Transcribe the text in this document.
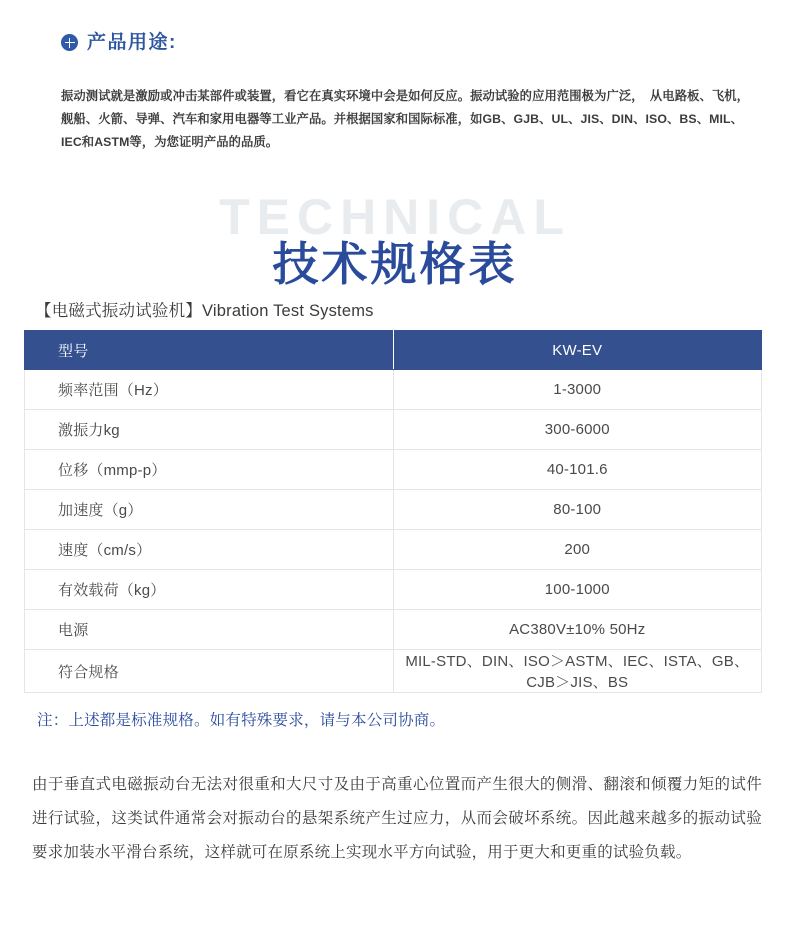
产品用途:

振动测试就是激励或冲击某部件或装置，看它在真实环境中会是如何反应。振动试验的应用范围极为广泛，　从电路板、飞机，舰船、火箭、导弹、汽车和家用电器等工业产品。并根据国家和国际标准，如GB、GJB、UL、JIS、DIN、ISO、BS、MIL、IEC和ASTM等，为您证明产品的品质。

TECHNICAL
技术规格表
【电磁式振动试验机】Vibration Test Systems
型号	KW-EV
频率范围（Hz）	1-3000
激振力kg	300-6000
位移（mmp-p）	40-101.6
加速度（g）	80-100
速度（cm/s）	200
有效载荷（kg）	100-1000
电源	AC380V±10% 50Hz
符合规格	MIL-STD、DIN、ISO＞ASTM、IEC、ISTA、GB、CJB＞JIS、BS
注：上述都是标准规格。如有特殊要求，请与本公司协商。

由于垂直式电磁振动台无法对很重和大尺寸及由于高重心位置而产生很大的侧滑、翻滚和倾覆力矩的试件进行试验，这类试件通常会对振动台的悬架系统产生过应力，从而会破坏系统。因此越来越多的振动试验要求加装水平滑台系统，这样就可在原系统上实现水平方向试验，用于更大和更重的试验负载。
